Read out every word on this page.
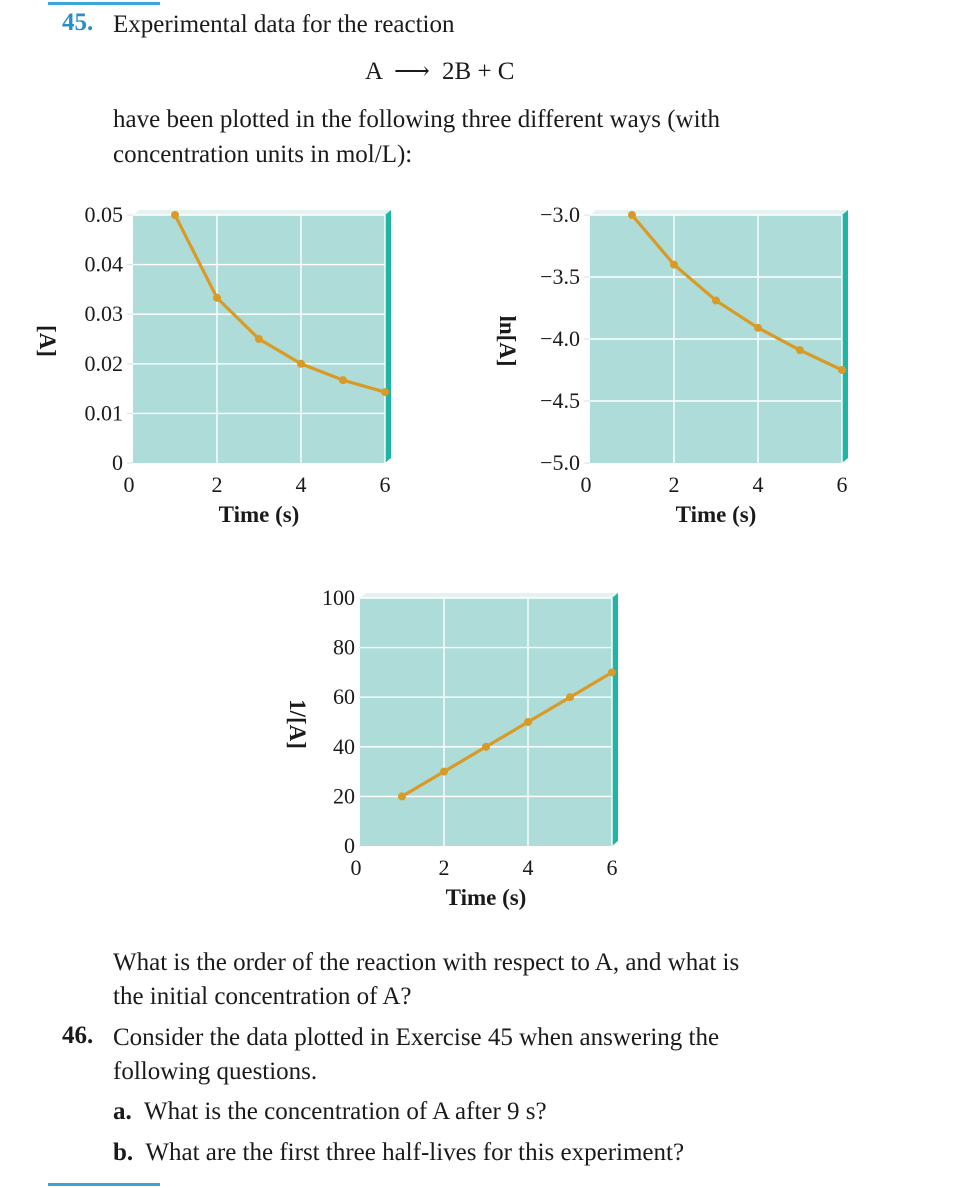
45. Experimental data for the reaction
A ⟶ 2B + C
have been plotted in the following three different ways (with
concentration units in mol/L):
0
0.01
0.02
0.03
0.04
0.05
0	2	4	6
Time (s)
[A]
−5.0
−4.5
−4.0
−3.5
−3.0
0	2	4	6
Time (s)
ln[A]
0
20
40
60
80
100
0	2	4	6
Time (s)
1/[A]
What is the order of the reaction with respect to A, and what is
the initial concentration of A?
46. Consider the data plotted in Exercise 45 when answering the
following questions.
a. What is the concentration of A after 9 s?
b. What are the first three half-lives for this experiment?
